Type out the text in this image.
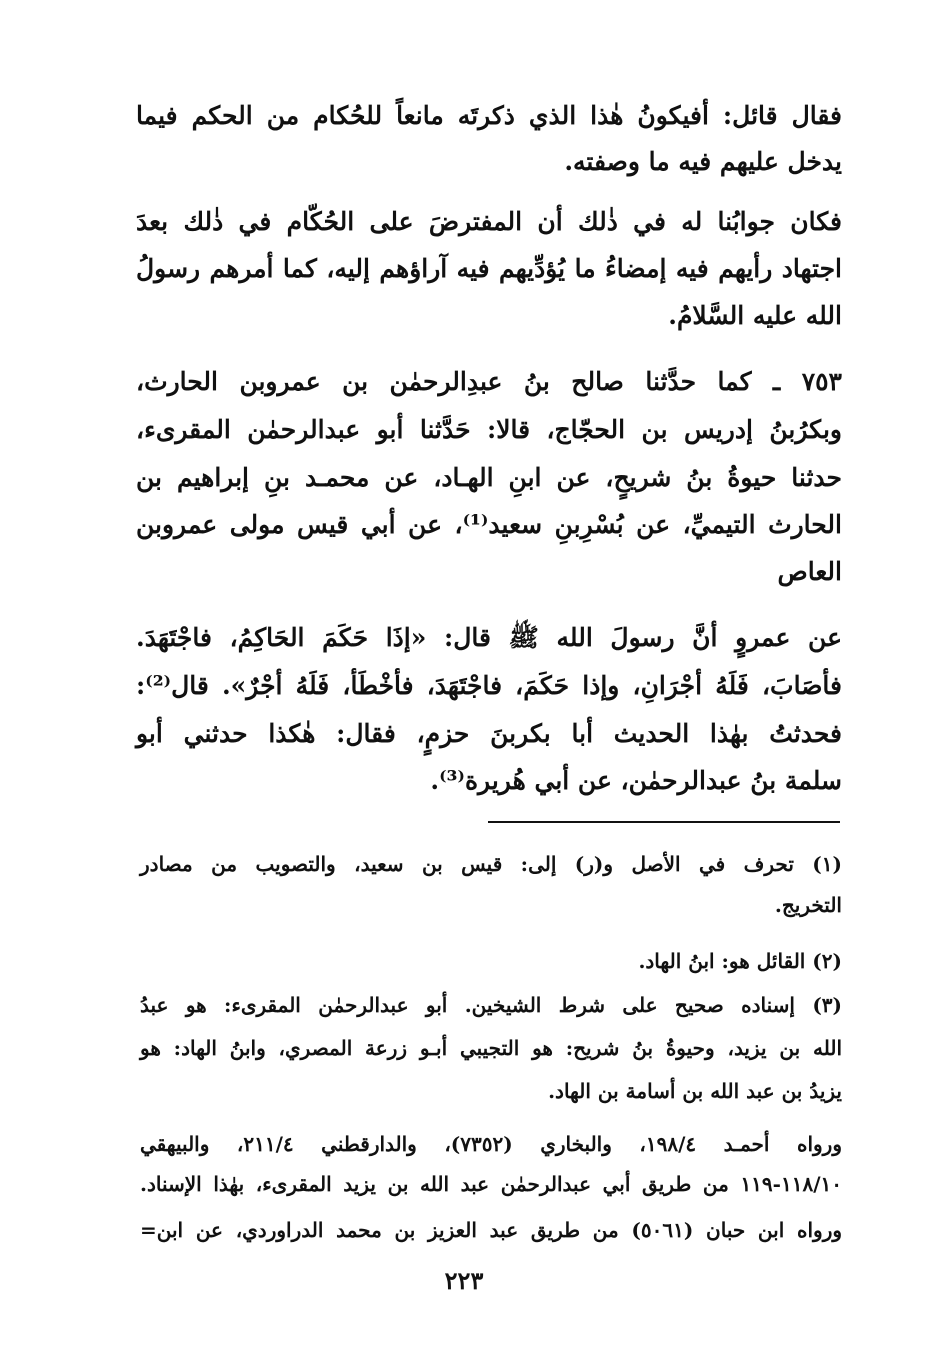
فقال قائل: أفيكونُ هٰذا الذي ذكرتَه مانعاً للحُكام من الحكم فيما
يدخل عليهم فيه ما وصفته.
فكان جوابُنا له في ذٰلك أن المفترضَ على الحُكّام في ذٰلك بعدَ
اجتهاد رأيهم فيه إمضاءُ ما يُؤدِّيهم فيه آراؤهم إليه، كما أمرهم رسولُ
الله عليه السَّلامُ.
٧٥٣ ـ كما حدَّثنا صالح بنُ عبدِالرحمٰن بن عمروبن الحارث،
وبكرُبنُ إدريس بن الحجّاج، قالا: حَدَّثنا أبو عبدالرحمٰن المقرىء،
حدثنا حيوةُ بنُ شريحٍ، عن ابنِ الهـاد، عن محمـد بنِ إبراهيم بن
الحارث التيميِّ، عن بُسْرِبنِ سعيد⁽¹⁾، عن أبي قيس مولى عمروبن
العاص
عن عمروٍ أنَّ رسولَ الله ﷺ قال: «إذَا حَكَمَ الحَاكِمُ، فاجْتَهَدَ.
فأصَابَ، فَلَهُ أجْرَانِ، وإذا حَكَمَ، فاجْتَهَدَ، فأخْطَأ، فَلَهُ أجْرٌ». قال⁽²⁾:
فحدثتُ بهٰذا الحديث أبا بكربنَ حزمٍ، فقال: هٰكذا حدثني أبو
سلمة بنُ عبدالرحمٰن، عن أبي هُريرة⁽³⁾.
(١) تحرف في الأصل و(ر) إلى: قيس بن سعيد، والتصويب من مصادر
التخريج.
(٢) القائل هو: ابنُ الهاد.
(٣) إسناده صحيح على شرط الشيخين. أبو عبدالرحمٰن المقرىء: هو عبدُ
الله بن يزيد، وحيوةُ بنُ شريح: هو التجيبي أبـو زرعة المصري، وابنُ الهاد: هو
يزيدُ بن عبد الله بن أسامة بن الهاد.
ورواه أحمـد ١٩٨/٤، والبخاري (٧٣٥٢)، والدارقطني ٢١١/٤، والبيهقي
١١٨/١٠-١١٩ من طريق أبي عبدالرحمٰن عبد الله بن يزيد المقرىء، بهٰذا الإسناد.
ورواه ابن حبان (٥٠٦١) من طريق عبد العزيز بن محمد الدراوردي، عن ابن=
٢٢٣
